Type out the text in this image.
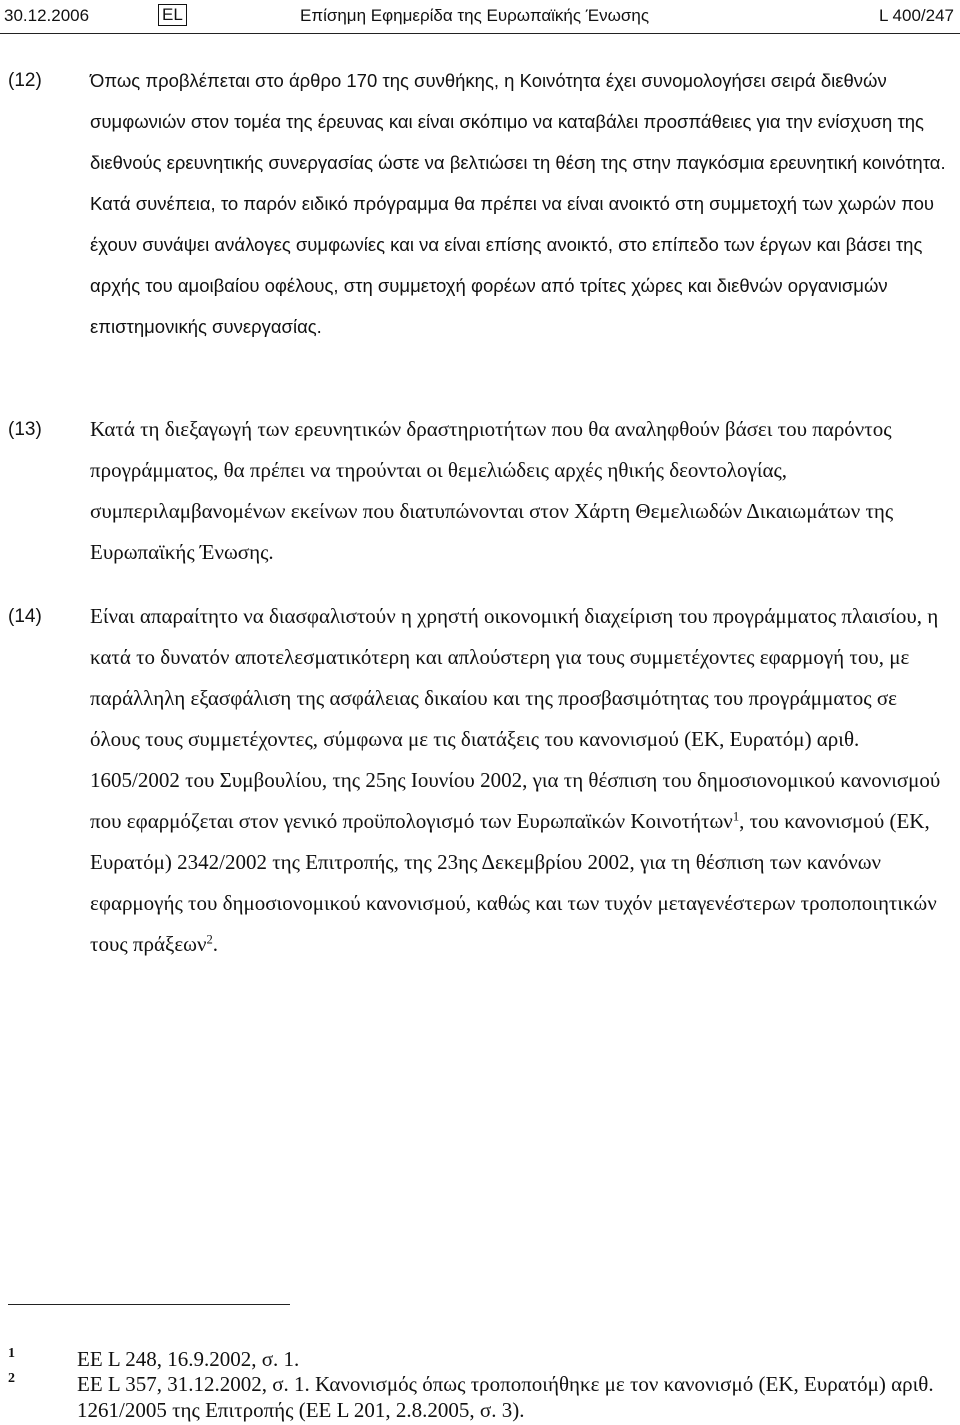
30.12.2006	EL	Επίσημη Εφημερίδα της Ευρωπαϊκής Ένωσης	L 400/247
(12)	Όπως προβλέπεται στο άρθρο 170 της συνθήκης, η Κοινότητα έχει συνομολογήσει σειρά διεθνών συμφωνιών στον τομέα της έρευνας και είναι σκόπιμο να καταβάλει προσπάθειες για την ενίσχυση της διεθνούς ερευνητικής συνεργασίας ώστε να βελτιώσει τη θέση της στην παγκόσμια ερευνητική κοινότητα. Κατά συνέπεια, το παρόν ειδικό πρόγραμμα θα πρέπει να είναι ανοικτό στη συμμετοχή των χωρών που έχουν συνάψει ανάλογες συμφωνίες και να είναι επίσης ανοικτό, στο επίπεδο των έργων και βάσει της αρχής του αμοιβαίου οφέλους, στη συμμετοχή φορέων από τρίτες χώρες και διεθνών οργανισμών επιστημονικής συνεργασίας.
(13) Κατά τη διεξαγωγή των ερευνητικών δραστηριοτήτων που θα αναληφθούν βάσει του παρόντος προγράμματος, θα πρέπει να τηρούνται οι θεμελιώδεις αρχές ηθικής δεοντολογίας, συμπεριλαμβανομένων εκείνων που διατυπώνονται στον Χάρτη Θεμελιωδών Δικαιωμάτων της Ευρωπαϊκής Ένωσης.
(14) Είναι απαραίτητο να διασφαλιστούν η χρηστή οικονομική διαχείριση του προγράμματος πλαισίου, η κατά το δυνατόν αποτελεσματικότερη και απλούστερη για τους συμμετέχοντες εφαρμογή του, με παράλληλη εξασφάλιση της ασφάλειας δικαίου και της προσβασιμότητας του προγράμματος σε όλους τους συμμετέχοντες, σύμφωνα με τις διατάξεις του κανονισμού (ΕΚ, Ευρατόμ) αριθ. 1605/2002 του Συμβουλίου, της 25ης Ιουνίου 2002, για τη θέσπιση του δημοσιονομικού κανονισμού που εφαρμόζεται στον γενικό προϋπολογισμό των Ευρωπαϊκών Κοινοτήτων$^1$, του κανονισμού (ΕΚ, Ευρατόμ) 2342/2002 της Επιτροπής, της 23ης Δεκεμβρίου 2002, για τη θέσπιση των κανόνων εφαρμογής του δημοσιονομικού κανονισμού, καθώς και των τυχόν μεταγενέστερων τροποποιητικών τους πράξεων$^2$.
1	ΕΕ L 248, 16.9.2002, σ. 1.
2	ΕΕ L 357, 31.12.2002, σ. 1. Κανονισμός όπως τροποποιήθηκε με τον κανονισμό (ΕΚ, Ευρατόμ) αριθ. 1261/2005 της Επιτροπής (ΕΕ L 201, 2.8.2005, σ. 3).
